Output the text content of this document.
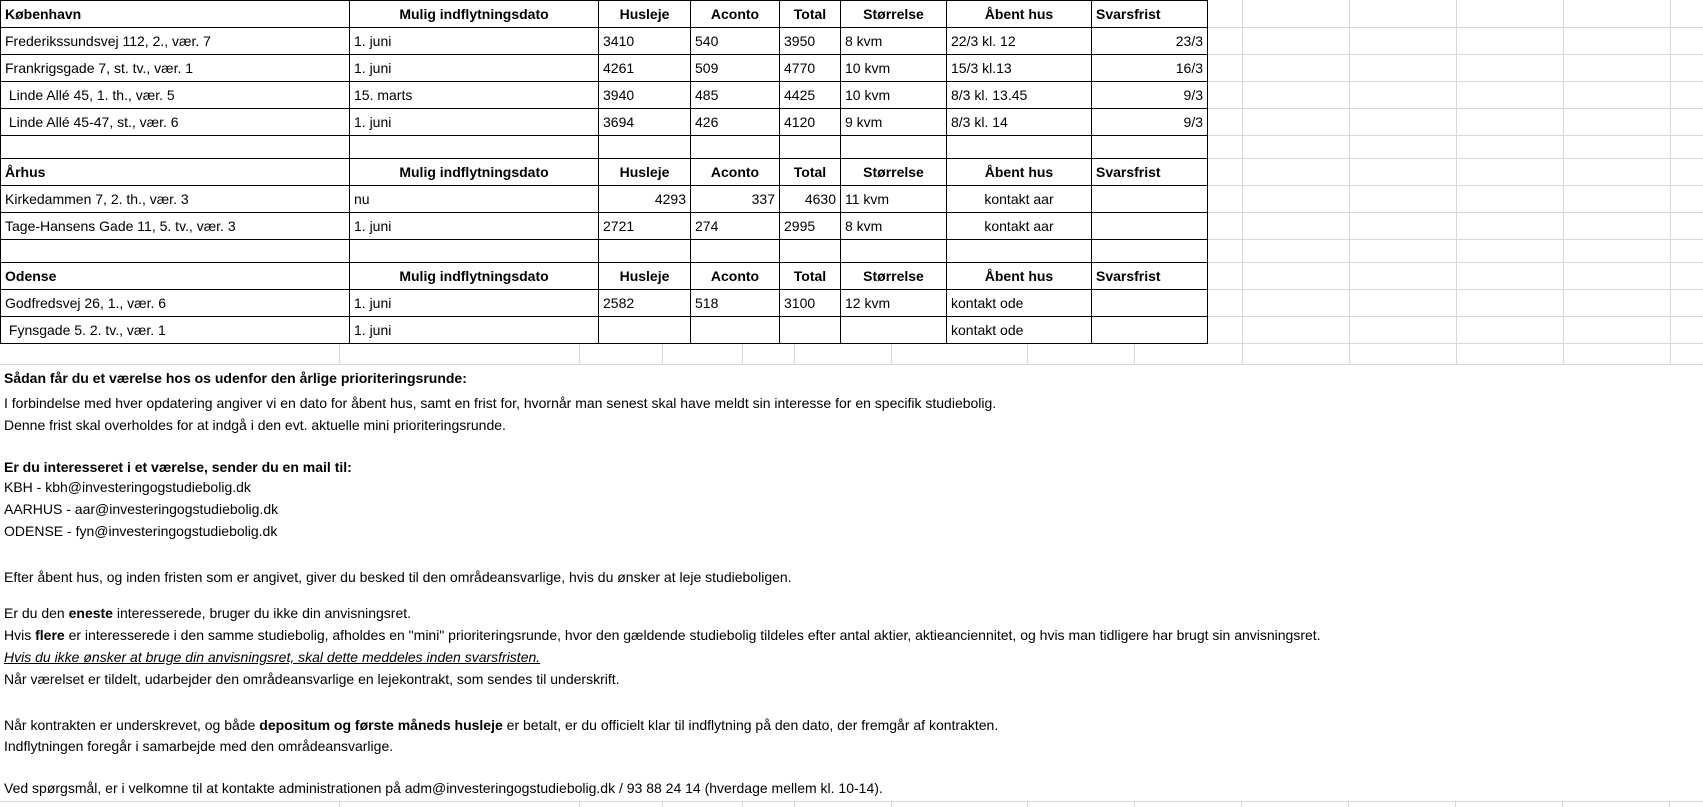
København	Mulig indflytningsdato	Husleje	Aconto	Total	Størrelse	Åbent hus	Svarsfrist
Frederikssundsvej 112, 2., vær. 7	1. juni	3410	540	3950	8 kvm	22/3 kl. 12	23/3
Frankrigsgade 7, st. tv., vær. 1	1. juni	4261	509	4770	10 kvm	15/3 kl.13	16/3
Linde Allé 45, 1. th., vær. 5	15. marts	3940	485	4425	10 kvm	8/3 kl. 13.45	9/3
Linde Allé 45-47, st., vær. 6	1. juni	3694	426	4120	9 kvm	8/3 kl. 14	9/3

Århus	Mulig indflytningsdato	Husleje	Aconto	Total	Størrelse	Åbent hus	Svarsfrist
Kirkedammen 7, 2. th., vær. 3	nu	4293	337	4630	11 kvm	kontakt aar	
Tage-Hansens Gade 11, 5. tv., vær. 3	1. juni	2721	274	2995	8 kvm	kontakt aar	

Odense	Mulig indflytningsdato	Husleje	Aconto	Total	Størrelse	Åbent hus	Svarsfrist
Godfredsvej 26, 1., vær. 6	1. juni	2582	518	3100	12 kvm	kontakt ode	
Fynsgade 5. 2. tv., vær. 1	1. juni					kontakt ode	
Sådan får du et værelse hos os udenfor den årlige prioriteringsrunde:
I forbindelse med hver opdatering angiver vi en dato for åbent hus, samt en frist for, hvornår man senest skal have meldt sin interesse for en specifik studiebolig.
Denne frist skal overholdes for at indgå i den evt. aktuelle mini prioriteringsrunde.
Er du interesseret i et værelse, sender du en mail til:
KBH - kbh@investeringogstudiebolig.dk
AARHUS - aar@investeringogstudiebolig.dk
ODENSE - fyn@investeringogstudiebolig.dk
Efter åbent hus, og inden fristen som er angivet, giver du besked til den områdeansvarlige, hvis du ønsker at leje studieboligen.
Er du den eneste interesserede, bruger du ikke din anvisningsret.
Hvis flere er interesserede i den samme studiebolig, afholdes en "mini" prioriteringsrunde, hvor den gældende studiebolig tildeles efter antal aktier, aktieanciennitet, og hvis man tidligere har brugt sin anvisningsret.
Hvis du ikke ønsker at bruge din anvisningsret, skal dette meddeles inden svarsfristen.
Når værelset er tildelt, udarbejder den områdeansvarlige en lejekontrakt, som sendes til underskrift.
Når kontrakten er underskrevet, og både depositum og første måneds husleje er betalt, er du officielt klar til indflytning på den dato, der fremgår af kontrakten.
Indflytningen foregår i samarbejde med den områdeansvarlige.
Ved spørgsmål, er i velkomne til at kontakte administrationen på adm@investeringogstudiebolig.dk / 93 88 24 14 (hverdage mellem kl. 10-14).
